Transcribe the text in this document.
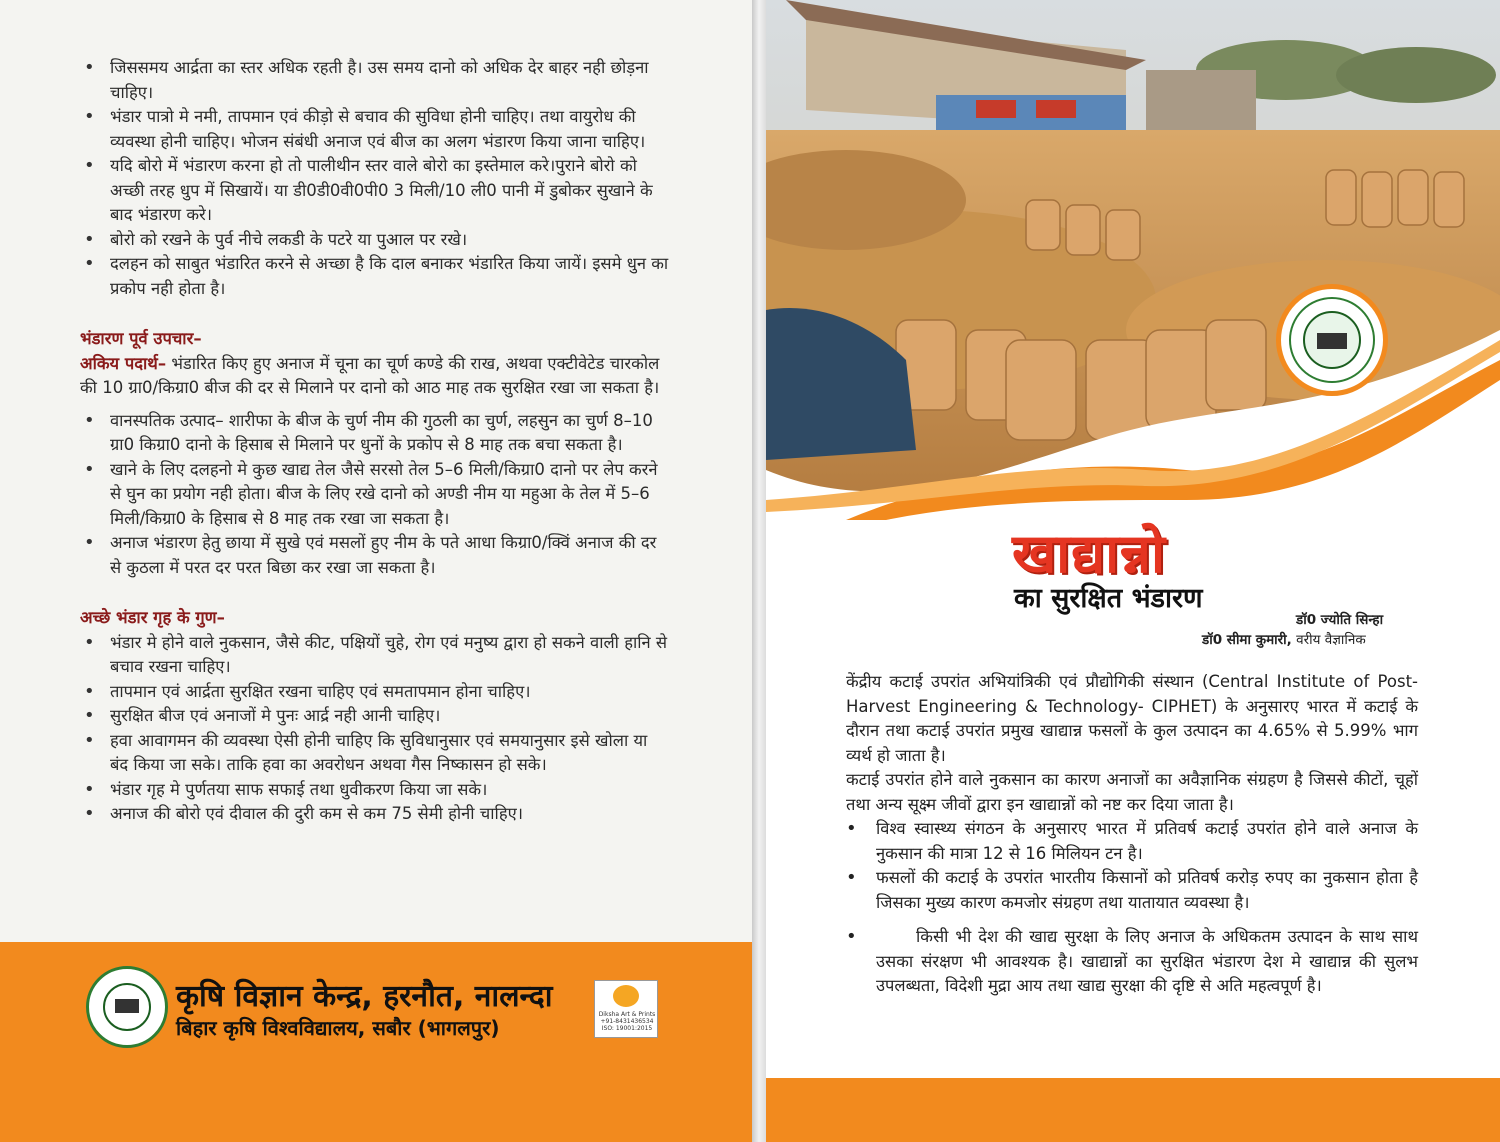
• जिससमय आर्द्रता का स्तर अधिक रहती है। उस समय दानो को अधिक देर बाहर नही छोड़ना चाहिए।
• भंडार पात्रो मे नमी, तापमान एवं कीड़ो से बचाव की सुविधा होनी चाहिए। तथा वायुरोध की व्यवस्था होनी चाहिए। भोजन संबंधी अनाज एवं बीज का अलग भंडारण किया जाना चाहिए।
• यदि बोरो में भंडारण करना हो तो पालीथीन स्तर वाले बोरो का इस्तेमाल करे।पुराने बोरो को अच्छी तरह धुप में सिखायें। या डी0डी0वी0पी0 3 मिली/10 ली0 पानी में डुबोकर सुखाने के बाद भंडारण करे।
• बोरो को रखने के पुर्व नीचे लकडी के पटरे या पुआल पर रखे।
• दलहन को साबुत भंडारित करने से अच्छा है कि दाल बनाकर भंडारित किया जायें। इसमे धुन का प्रकोप नही होता है।
भंडारण पूर्व उपचार–

अकिय पदार्थ– भंडारित किए हुए अनाज में चूना का चूर्ण कण्डे की राख, अथवा एक्टीवेटेड चारकोल की 10 ग्रा0/किग्रा0 बीज की दर से मिलाने पर दानो को आठ माह तक सुरक्षित रखा जा सकता है।

• वानस्पतिक उत्पाद– शारीफा के बीज के चुर्ण नीम की गुठली का चुर्ण, लहसुन का चुर्ण 8–10 ग्रा0 किग्रा0 दानो के हिसाब से मिलाने पर धुनों के प्रकोप से 8 माह तक बचा सकता है।
• खाने के लिए दलहनो मे कुछ खाद्य तेल जैसे सरसो तेल 5–6 मिली/किग्रा0 दानो पर लेप करने से घुन का प्रयोग नही होता। बीज के लिए रखे दानो को अण्डी नीम या महुआ के तेल में 5–6 मिली/किग्रा0 के हिसाब से 8 माह तक रखा जा सकता है।
• अनाज भंडारण हेतु छाया में सुखे एवं मसलों हुए नीम के पते आधा किग्रा0/क्विं अनाज की दर से कुठला में परत दर परत बिछा कर रखा जा सकता है।
अच्छे भंडार गृह के गुण–
• भंडार मे होने वाले नुकसान, जैसे कीट, पक्षियों चुहे, रोग एवं मनुष्य द्वारा हो सकने वाली हानि से बचाव रखना चाहिए।
• तापमान एवं आर्द्रता सुरक्षित रखना चाहिए एवं समतापमान होना चाहिए।
• सुरक्षित बीज एवं अनाजों मे पुनः आर्द्र नही आनी चाहिए।
• हवा आवागमन की व्यवस्था ऐसी होनी चाहिए कि सुविधानुसार एवं समयानुसार इसे खोला या बंद किया जा सके। ताकि हवा का अवरोधन अथवा गैस निष्कासन हो सके।
• भंडार गृह मे पुर्णतया साफ सफाई तथा धुवीकरण किया जा सके।
• अनाज की बोरो एवं दीवाल की दुरी कम से कम 75 सेमी होनी चाहिए।
कृषि विज्ञान केन्द्र, हरनौत, नालन्दा
बिहार कृषि विश्वविद्यालय, सबौर (भागलपुर)
Diksha Art & Prints +91-8431436534 ISO: 19001:2015
खाद्यान्नो
का सुरक्षित भंडारण
डॉ0 ज्योति सिन्हा
डॉ0 सीमा कुमारी, वरीय वैज्ञानिक

केंद्रीय कटाई उपरांत अभियांत्रिकी एवं प्रौद्योगिकी संस्थान (Central Institute of Post-Harvest Engineering & Technology- CIPHET) के अनुसारए भारत में कटाई के दौरान तथा कटाई उपरांत प्रमुख खाद्यान्न फसलों के कुल उत्पादन का 4.65% से 5.99% भाग व्यर्थ हो जाता है।

कटाई उपरांत होने वाले नुकसान का कारण अनाजों का अवैज्ञानिक संग्रहण है जिससे कीटों, चूहों तथा अन्य सूक्ष्म जीवों द्वारा इन खाद्यान्नों को नष्ट कर दिया जाता है।

• विश्व स्वास्थ्य संगठन के अनुसारए भारत में प्रतिवर्ष कटाई उपरांत होने वाले अनाज के नुकसान की मात्रा 12 से 16 मिलियन टन है।
• फसलों की कटाई के उपरांत भारतीय किसानों को प्रतिवर्ष करोड़ रुपए का नुकसान होता है जिसका मुख्य कारण कमजोर संग्रहण तथा यातायात व्यवस्था है।
• किसी भी देश की खाद्य सुरक्षा के लिए अनाज के अधिकतम उत्पादन के साथ साथ उसका संरक्षण भी आवश्यक है। खाद्यान्नों का सुरक्षित भंडारण देश मे खाद्यान्न की सुलभ उपलब्धता, विदेशी मुद्रा आय तथा खाद्य सुरक्षा की दृष्टि से अति महत्वपूर्ण है।
